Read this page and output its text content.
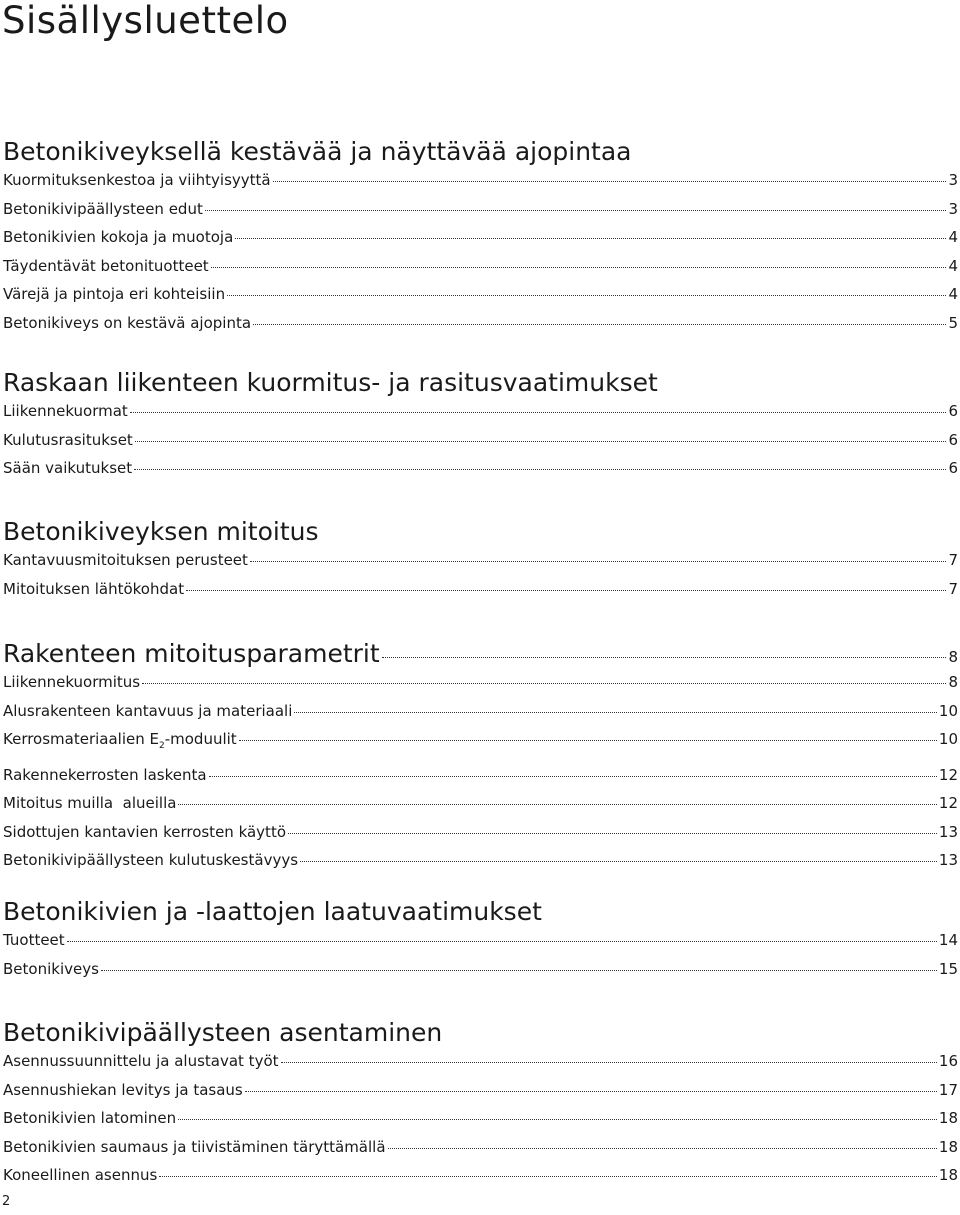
Sisällysluettelo
Betonikiveyksellä kestävää ja näyttävää ajopintaa
Kuormituksenkestoa ja viihtyisyyttä	3
Betonikivipäällysteen edut	3
Betonikivien kokoja ja muotoja	4
Täydentävät betonituotteet	4
Värejä ja pintoja eri kohteisiin	4
Betonikiveys on kestävä ajopinta	5
Raskaan liikenteen kuormitus- ja rasitusvaatimukset
Liikennekuormat	6
Kulutusrasitukset	6
Sään vaikutukset	6
Betonikiveyksen mitoitus
Kantavuusmitoituksen perusteet	7
Mitoituksen lähtökohdat	7
Rakenteen mitoitusparametrit	8
Liikennekuormitus	8
Alusrakenteen kantavuus ja materiaali	10
Kerrosmateriaalien $E_2$-moduulit	10
Rakennekerrosten laskenta	12
Mitoitus muilla  alueilla	12
Sidottujen kantavien kerrosten käyttö	13
Betonikivipäällysteen kulutuskestävyys	13
Betonikivien ja -laattojen laatuvaatimukset
Tuotteet	14
Betonikiveys	15
Betonikivipäällysteen asentaminen
Asennussuunnittelu ja alustavat työt	16
Asennushiekan levitys ja tasaus	17
Betonikivien latominen	18
Betonikivien saumaus ja tiivistäminen täryttämällä	18
Koneellinen asennus	18
2
